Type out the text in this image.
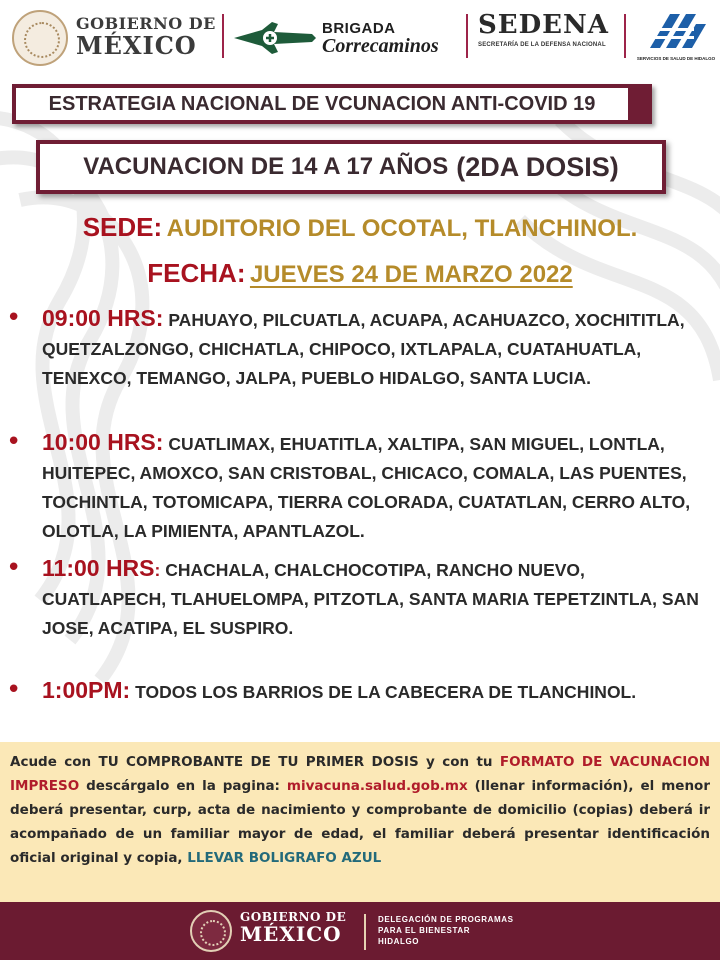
GOBIERNO DE
MÉXICO
BRIGADA
Correcaminos
SEDENA
SECRETARÍA DE LA DEFENSA NACIONAL
SERVICIOS DE SALUD DE HIDALGO
ESTRATEGIA NACIONAL DE VCUNACION ANTI-COVID 19
VACUNACION DE 14 A 17 AÑOS (2DA DOSIS)
SEDE: AUDITORIO DEL OCOTAL, TLANCHINOL.
FECHA: JUEVES 24 DE MARZO 2022
• 09:00 HRS: PAHUAYO, PILCUATLA, ACUAPA, ACAHUAZCO, XOCHITITLA, QUETZALZONGO, CHICHATLA, CHIPOCO, IXTLAPALA, CUATAHUATLA, TENEXCO, TEMANGO, JALPA, PUEBLO HIDALGO, SANTA LUCIA.
• 10:00 HRS: CUATLIMAX, EHUATITLA, XALTIPA, SAN MIGUEL, LONTLA, HUITEPEC, AMOXCO, SAN CRISTOBAL, CHICACO, COMALA, LAS PUENTES, TOCHINTLA, TOTOMICAPA, TIERRA COLORADA, CUATATLAN, CERRO ALTO, OLOTLA, LA PIMIENTA, APANTLAZOL.
• 11:00 HRS: CHACHALA, CHALCHOCOTIPA, RANCHO NUEVO, CUATLAPECH, TLAHUELOMPA, PITZOTLA, SANTA MARIA TEPETZINTLA, SAN JOSE, ACATIPA, EL SUSPIRO.
• 1:00PM: TODOS LOS BARRIOS DE LA CABECERA DE TLANCHINOL.
Acude con TU COMPROBANTE DE TU PRIMER DOSIS y con tu FORMATO DE VACUNACION IMPRESO descárgalo en la pagina: mivacuna.salud.gob.mx (llenar información), el menor deberá presentar, curp, acta de nacimiento y comprobante de domicilio (copias) deberá ir acompañado de un familiar mayor de edad, el familiar deberá presentar identificación oficial original y copia, LLEVAR BOLIGRAFO AZUL
GOBIERNO DE
MÉXICO
DELEGACIÓN DE PROGRAMAS
PARA EL BIENESTAR
HIDALGO
